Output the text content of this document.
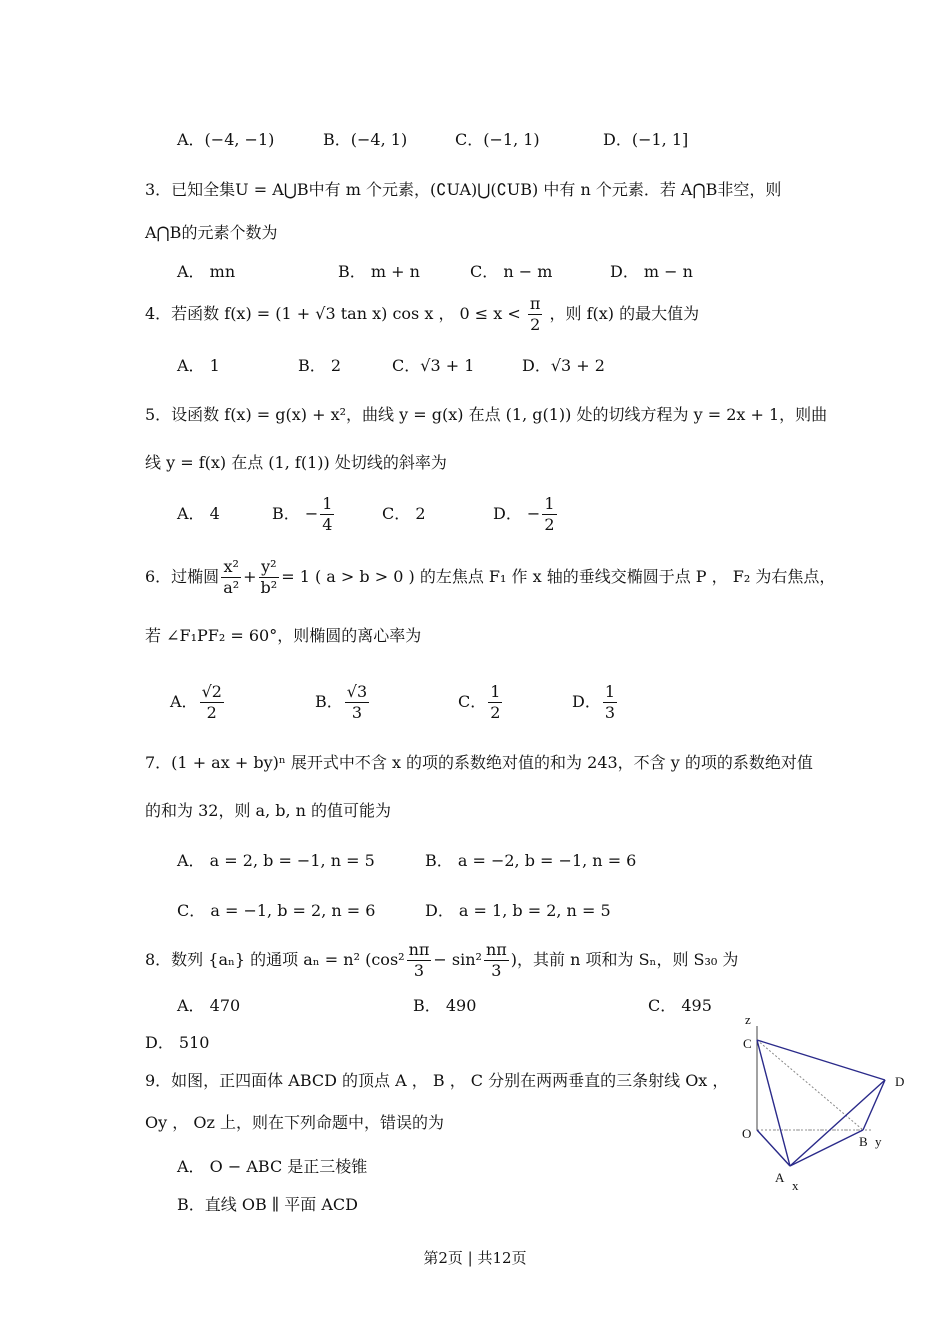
A．(−4, −1)	B．(−4, 1)	C．(−1, 1)	D．(−1, 1]
3．已知全集U = A⋃B中有 m 个元素，(∁UA)⋃(∁UB) 中有 n 个元素．若 A⋂B非空，则
A⋂B的元素个数为
A． mn	B． m + n	C． n − m	D． m − n
4．若函数 f(x) = (1 + √3 tan x) cos x ， $0 \le x < \frac{\pi}{2}$ ，则 f(x) 的最大值为
A． 1	B． 2	C．√3 + 1	D．√3 + 2
5．设函数 f(x) = g(x) + x²，曲线 y = g(x) 在点 (1, g(1)) 处的切线方程为 y = 2x + 1，则曲
线 y = f(x) 在点 (1, f(1)) 处切线的斜率为
A． 4	B． − $\frac{1}{4}$	C． 2	D． − $\frac{1}{2}$
6．过椭圆 $\frac{\text{x²}}{\text{a²}} + \frac{\text{y²}}{\text{b²}} = 1$ ( a > b > 0 ) 的左焦点 F₁ 作 x 轴的垂线交椭圆于点 P ， F₂ 为右焦点，
若 ∠F₁PF₂ = 60°，则椭圆的离心率为
A． $\frac{√2}{2}$	B． $\frac{√3}{3}$	C． $\frac{1}{2}$	D． $\frac{1}{3}$
7．(1 + ax + by)ⁿ 展开式中不含 x 的项的系数绝对值的和为 243，不含 y 的项的系数绝对值
的和为 32，则 a, b, n 的值可能为
A． a = 2, b = −1, n = 5	B． a = −2, b = −1, n = 6
C． a = −1, b = 2, n = 6	D． a = 1, b = 2, n = 5
8．数列 {aₙ} 的通项 aₙ = n² ($\cos^2 \frac{n\pi}{3} - \sin^2 \frac{n\pi}{3}$ )，其前 n 项和为 Sₙ，则 S₃₀ 为
A． 470	B． 490	C． 495
D． 510
9．如图，正四面体 ABCD 的顶点 A ， B ， C 分别在两两垂直的三条射线 Ox ，
Oy ， Oz 上，则在下列命题中，错误的为
A． O − ABC 是正三棱锥
B．直线 OB ∥ 平面 ACD
z
C
D
O
B y
A
x
第2页 | 共12页
